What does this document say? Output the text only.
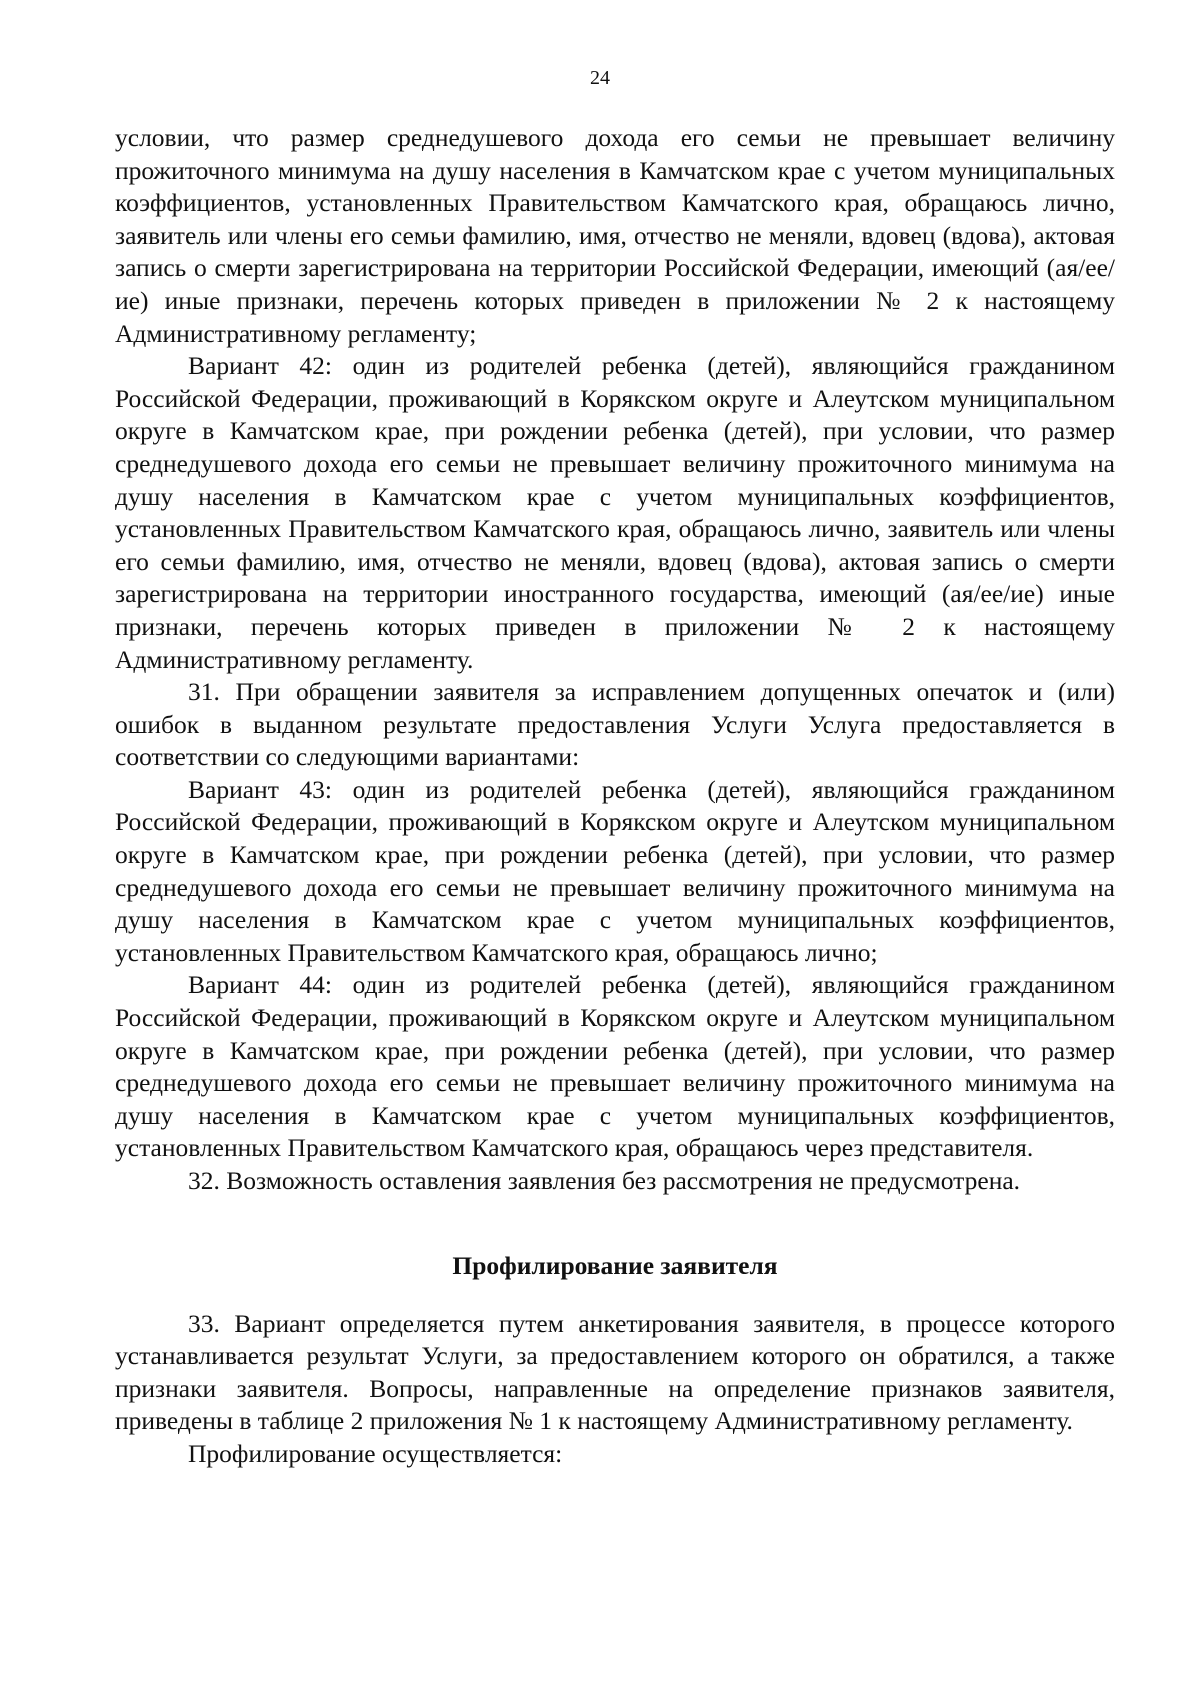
24

условии, что размер среднедушевого дохода его семьи не превышает величину прожиточного минимума на душу населения в Камчатском крае с учетом муниципальных коэффициентов, установленных Правительством Камчатского края, обращаюсь лично, заявитель или члены его семьи фамилию, имя, отчество не меняли, вдовец (вдова), актовая запись о смерти зарегистрирована на территории Российской Федерации, имеющий (ая/ее/ие) иные признаки, перечень которых приведен в приложении № 2 к настоящему Административному регламенту;

Вариант 42: один из родителей ребенка (детей), являющийся гражданином Российской Федерации, проживающий в Корякском округе и Алеутском муниципальном округе в Камчатском крае, при рождении ребенка (детей), при условии, что размер среднедушевого дохода его семьи не превышает величину прожиточного минимума на душу населения в Камчатском крае с учетом муниципальных коэффициентов, установленных Правительством Камчатского края, обращаюсь лично, заявитель или члены его семьи фамилию, имя, отчество не меняли, вдовец (вдова), актовая запись о смерти зарегистрирована на территории иностранного государства, имеющий (ая/ее/ие) иные признаки, перечень которых приведен в приложении № 2 к настоящему Административному регламенту.

31. При обращении заявителя за исправлением допущенных опечаток и (или) ошибок в выданном результате предоставления Услуги Услуга предоставляется в соответствии со следующими вариантами:

Вариант 43: один из родителей ребенка (детей), являющийся гражданином Российской Федерации, проживающий в Корякском округе и Алеутском муниципальном округе в Камчатском крае, при рождении ребенка (детей), при условии, что размер среднедушевого дохода его семьи не превышает величину прожиточного минимума на душу населения в Камчатском крае с учетом муниципальных коэффициентов, установленных Правительством Камчатского края, обращаюсь лично;

Вариант 44: один из родителей ребенка (детей), являющийся гражданином Российской Федерации, проживающий в Корякском округе и Алеутском муниципальном округе в Камчатском крае, при рождении ребенка (детей), при условии, что размер среднедушевого дохода его семьи не превышает величину прожиточного минимума на душу населения в Камчатском крае с учетом муниципальных коэффициентов, установленных Правительством Камчатского края, обращаюсь через представителя.

32. Возможность оставления заявления без рассмотрения не предусмотрена.

Профилирование заявителя

33. Вариант определяется путем анкетирования заявителя, в процессе которого устанавливается результат Услуги, за предоставлением которого он обратился, а также признаки заявителя. Вопросы, направленные на определение признаков заявителя, приведены в таблице 2 приложения № 1 к настоящему Административному регламенту.

Профилирование осуществляется:
